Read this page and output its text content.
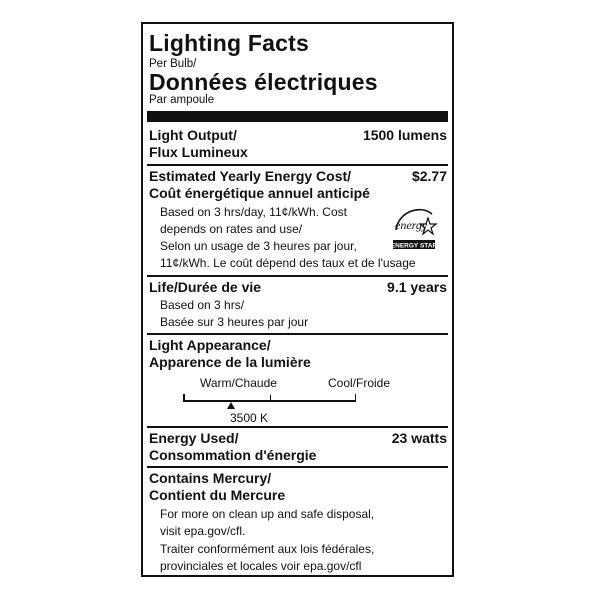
Lighting Facts
Per Bulb/
Données électriques
Par ampoule
Light Output/	1500 lumens
Flux Lumineux
Estimated Yearly Energy Cost/	$2.77
Coût énergétique annuel anticipé
Based on 3 hrs/day, 11¢/kWh. Cost
depends on rates and use/
Selon un usage de 3 heures par jour,
11¢/kWh. Le coût dépend des taux et de l'usage
energy
ENERGY STAR
Life/Durée de vie	9.1 years
Based on 3 hrs/
Basée sur 3 heures par jour
Light Appearance/
Apparence de la lumière
Warm/Chaude	Cool/Froide
3500 K
Energy Used/	23 watts
Consommation d'énergie
Contains Mercury/
Contient du Mercure
For more on clean up and safe disposal,
visit epa.gov/cfl.
Traiter conformément aux lois fédérales,
provinciales et locales voir epa.gov/cfl
